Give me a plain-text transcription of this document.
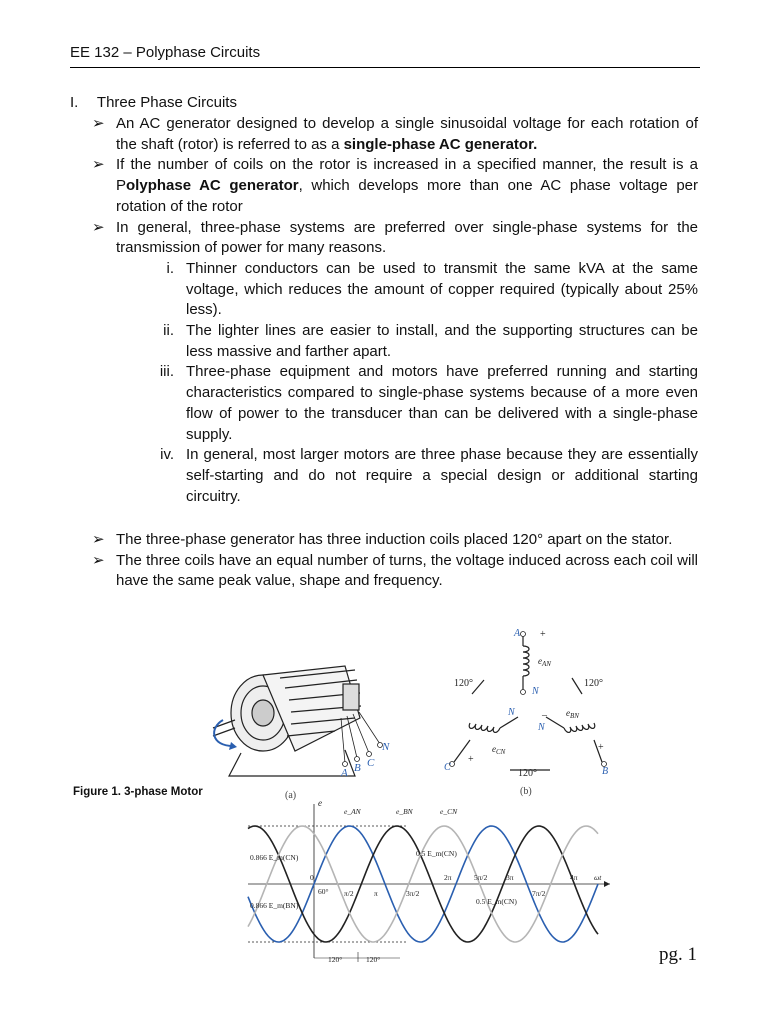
EE 132 – Polyphase Circuits
I. Three Phase Circuits

➢ An AC generator designed to develop a single sinusoidal voltage for each rotation of the shaft (rotor) is referred to as a single-phase AC generator.

➢ If the number of coils on the rotor is increased in a specified manner, the result is a Polyphase AC generator, which develops more than one AC phase voltage per rotation of the rotor

➢ In general, three-phase systems are preferred over single-phase systems for the transmission of power for many reasons.

i. Thinner conductors can be used to transmit the same kVA at the same voltage, which reduces the amount of copper required (typically about 25% less).

ii. The lighter lines are easier to install, and the supporting structures can be less massive and farther apart.

iii. Three-phase equipment and motors have preferred running and starting characteristics compared to single-phase systems because of a more even flow of power to the transducer than can be delivered with a single-phase     supply.

iv. In general, most larger motors are three phase because they are essentially self-starting and do not require a special design or additional starting circuitry.

➢ The three-phase generator has three induction coils placed 120° apart on the stator.

➢ The three coils have an equal number of turns, the voltage induced across each coil will have the same peak value, shape and frequency.

A B C
N
(a)
A
N
N
N
C	B
+
+
+
–
$e_{AN}$
$e_{BN}$
$e_{CN}$
120°	120°
120°
(b)
Figure 1. 3-phase Motor
e
e_AN	e_BN	e_CN
0.866 E_m(CN)
0.866 E_m(BN)
0.5 E_m(CN)
0.5 E_m(CN)
0
π/2	π	3π/2
2π	5π/2 3π
7π/2
4π ωt
60°
120°	120°	pg. 1
